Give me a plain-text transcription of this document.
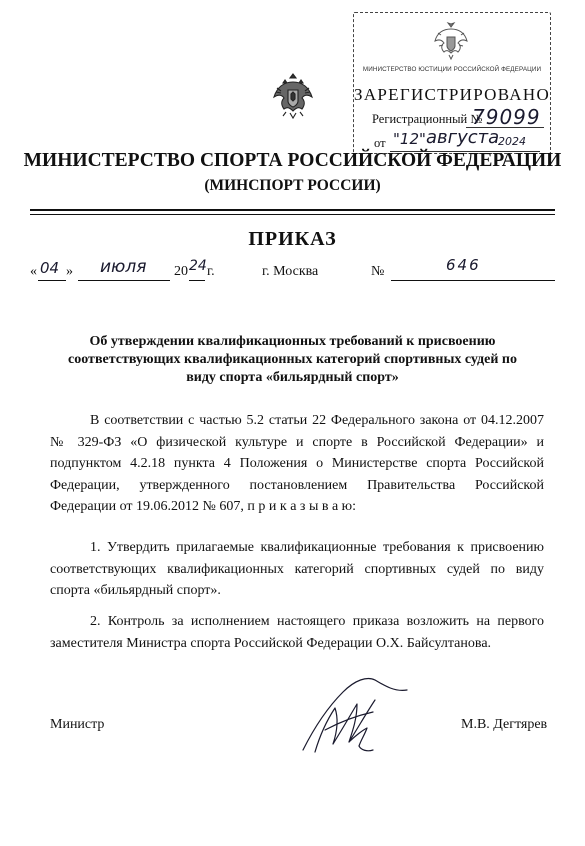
МИНИСТЕРСТВО ЮСТИЦИИ РОССИЙСКОЙ ФЕДЕРАЦИИ
ЗАРЕГИСТРИРОВАНО
Регистрационный №
79099
от "12" августа
2024
МИНИСТЕРСТВО СПОРТА РОССИЙСКОЙ ФЕДЕРАЦИИ
(МИНСПОРТ РОССИИ)
ПРИКАЗ
« 04 » июля 20 24 г.	г. Москва	№	646
Об утверждении квалификационных требований к присвоению соответствующих квалификационных категорий спортивных судей по виду спорта «бильярдный спорт»
В соответствии с частью 5.2 статьи 22 Федерального закона от 04.12.2007 № 329-ФЗ «О физической культуре и спорте в Российской Федерации» и подпунктом 4.2.18 пункта 4 Положения о Министерстве спорта Российской Федерации, утвержденного постановлением Правительства Российской Федерации от 19.06.2012 № 607, п р и к а з ы в а ю:
1. Утвердить прилагаемые квалификационные требования к присвоению соответствующих квалификационных категорий спортивных судей по виду спорта «бильярдный спорт».
2. Контроль за исполнением настоящего приказа возложить на первого заместителя Министра спорта Российской Федерации О.Х. Байсултанова.
Министр	М.В. Дегтярев
